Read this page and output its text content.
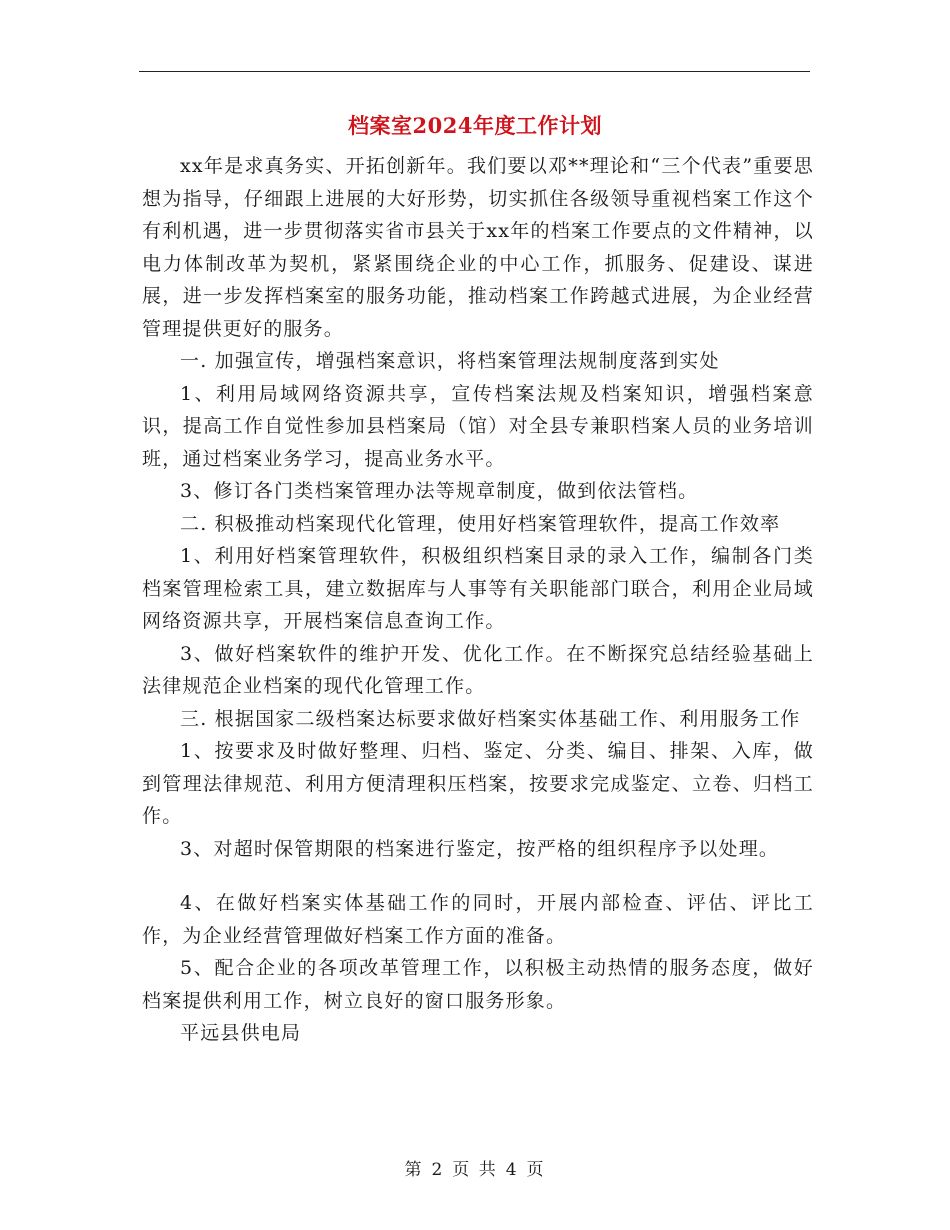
档案室2024年度工作计划

xx年是求真务实、开拓创新年。我们要以邓**理论和“三个代表”重要思想为指导，仔细跟上进展的大好形势，切实抓住各级领导重视档案工作这个有利机遇，进一步贯彻落实省市县关于xx年的档案工作要点的文件精神，以电力体制改革为契机，紧紧围绕企业的中心工作，抓服务、促建设、谋进展，进一步发挥档案室的服务功能，推动档案工作跨越式进展，为企业经营管理提供更好的服务。

一. 加强宣传，增强档案意识，将档案管理法规制度落到实处

1、利用局域网络资源共享，宣传档案法规及档案知识，增强档案意识，提高工作自觉性参加县档案局（馆）对全县专兼职档案人员的业务培训班，通过档案业务学习，提高业务水平。

3、修订各门类档案管理办法等规章制度，做到依法管档。

二. 积极推动档案现代化管理，使用好档案管理软件，提高工作效率

1、利用好档案管理软件，积极组织档案目录的录入工作，编制各门类档案管理检索工具，建立数据库与人事等有关职能部门联合，利用企业局域网络资源共享，开展档案信息查询工作。

3、做好档案软件的维护开发、优化工作。在不断探究总结经验基础上法律规范企业档案的现代化管理工作。

三. 根据国家二级档案达标要求做好档案实体基础工作、利用服务工作

1、按要求及时做好整理、归档、鉴定、分类、编目、排架、入库，做到管理法律规范、利用方便清理积压档案，按要求完成鉴定、立卷、归档工作。

3、对超时保管期限的档案进行鉴定，按严格的组织程序予以处理。

4、在做好档案实体基础工作的同时，开展内部检查、评估、评比工作，为企业经营管理做好档案工作方面的准备。

5、配合企业的各项改革管理工作，以积极主动热情的服务态度，做好档案提供利用工作，树立良好的窗口服务形象。

平远县供电局

第 2 页 共 4 页
